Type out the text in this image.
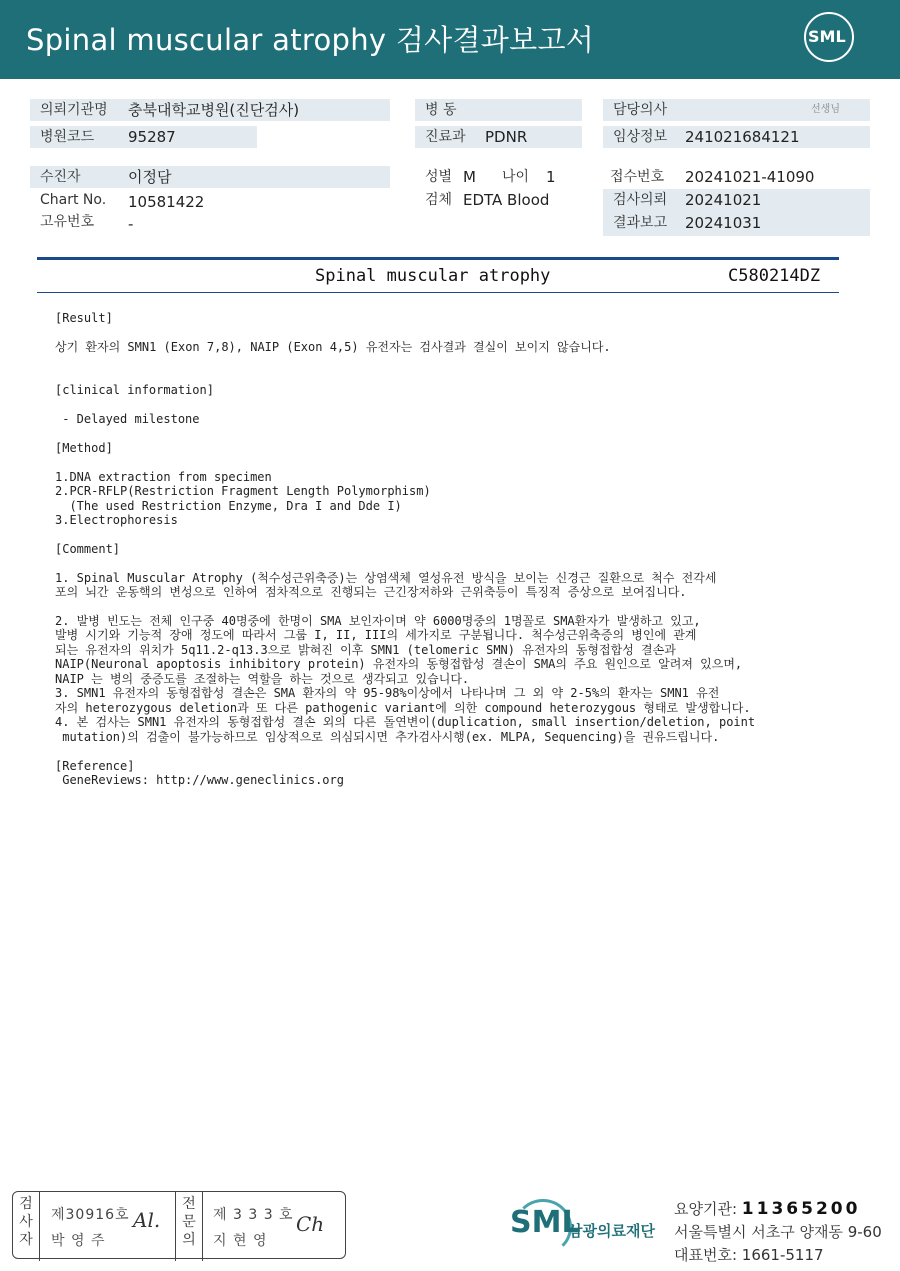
Spinal muscular atrophy 검사결과보고서	SML
의뢰기관명 충북대학교병원(진단검사)
병원코드 95287
수진자	이정담
Chart No. 10581422
고유번호 -
병 동
진료과 PDNR
성별 M 나이 1
검체 EDTA Blood
담당의사	선생님
임상정보 241021684121
접수번호 20241021-41090
검사의뢰 20241021
결과보고 20241031
Spinal muscular atrophy	C580214DZ
[Result]
상기 환자의 SMN1 (Exon 7,8), NAIP (Exon 4,5) 유전자는 검사결과 결실이 보이지 않습니다.
[clinical information]
- Delayed milestone
[Method]
1.DNA extraction from specimen
2.PCR-RFLP(Restriction Fragment Length Polymorphism)
(The used Restriction Enzyme, Dra I and Dde I)
3.Electrophoresis
[Comment]
1. Spinal Muscular Atrophy (척수성근위축증)는 상염색체 열성유전 방식을 보이는 신경근 질환으로 척수 전각세
포의 뇌간 운동핵의 변성으로 인하여 점차적으로 진행되는 근긴장저하와 근위축등이 특징적 증상으로 보여집니다.
2. 발병 빈도는 전체 인구중 40명중에 한명이 SMA 보인자이며 약 6000명중의 1명꼴로 SMA환자가 발생하고 있고,
발병 시기와 기능적 장애 정도에 따라서 그룹 I, II, III의 세가지로 구분됩니다. 척수성근위축증의 병인에 관계
되는 유전자의 위치가 5q11.2-q13.3으로 밝혀진 이후 SMN1 (telomeric SMN) 유전자의 동형접합성 결손과
NAIP(Neuronal apoptosis inhibitory protein) 유전자의 동형접합성 결손이 SMA의 주요 원인으로 알려져 있으며,
NAIP 는 병의 중증도를 조절하는 역할을 하는 것으로 생각되고 있습니다.
3. SMN1 유전자의 동형접합성 결손은 SMA 환자의 약 95-98%이상에서 나타나며 그 외 약 2-5%의 환자는 SMN1 유전
자의 heterozygous deletion과 또 다른 pathogenic variant에 의한 compound heterozygous 형태로 발생합니다.
4. 본 검사는 SMN1 유전자의 동형접합성 결손 외의 다른 돌연변이(duplication, small insertion/deletion, point
mutation)의 검출이 불가능하므로 임상적으로 의심되시면 추가검사시행(ex. MLPA, Sequencing)을 권유드립니다.
[Reference]
GeneReviews: http://www.geneclinics.org
검
사
자
제30916호
박 영 주
Al.
전
문
의
제 3 3 3 호
지 현 영
Ch	SML
삼광의료재단
요양기관: 11365200
서울특별시 서초구 양재동 9-60
대표번호: 1661-5117
